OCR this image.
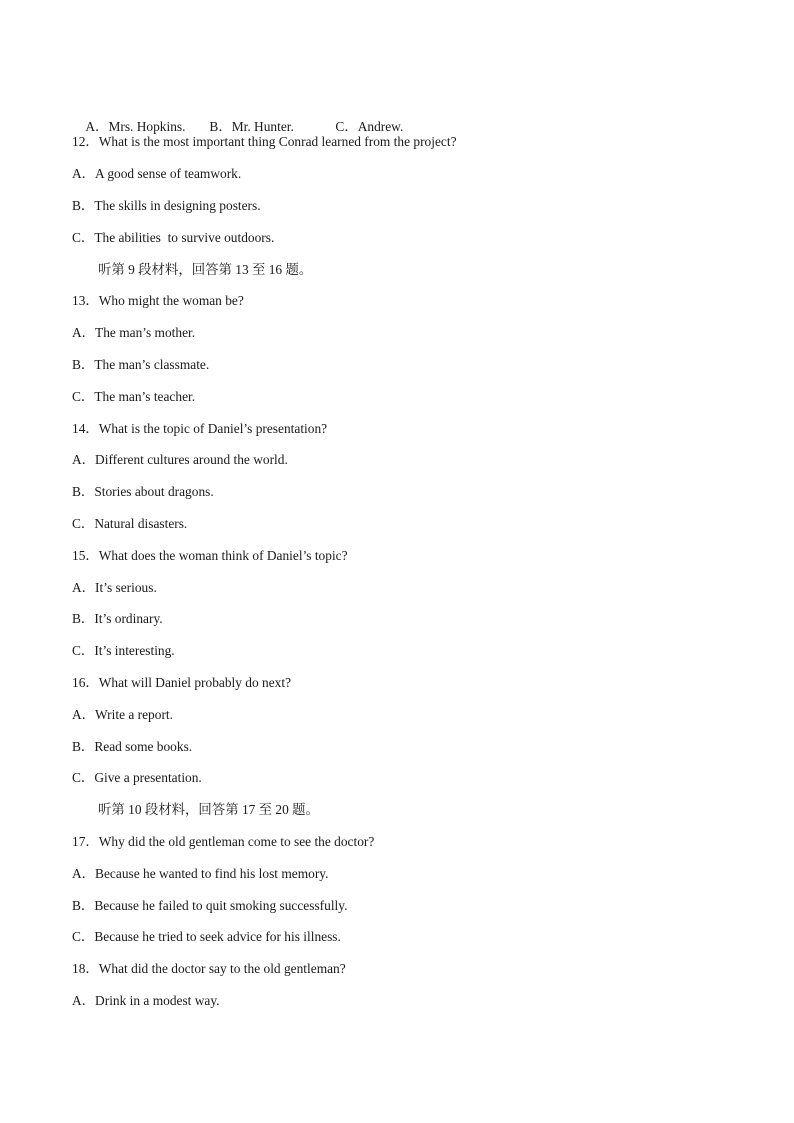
A．Mrs. Hopkins. B．Mr. Hunter.	C．Andrew.

12．What is the most important thing Conrad learned from the project?
A．A good sense of teamwork.
B．The skills in designing posters.
C．The abilities  to survive outdoors.
听第 9 段材料，回答第 13 至 16 题。
13．Who might the woman be?
A．The man’s mother.
B．The man’s classmate.
C．The man’s teacher.
14．What is the topic of Daniel’s presentation?
A．Different cultures around the world.
B．Stories about dragons.
C．Natural disasters.
15．What does the woman think of Daniel’s topic?
A．It’s serious.
B．It’s ordinary.
C．It’s interesting.
16．What will Daniel probably do next?
A．Write a report.
B．Read some books.
C．Give a presentation.
听第 10 段材料，回答第 17 至 20 题。
17．Why did the old gentleman come to see the doctor?
A．Because he wanted to find his lost memory.
B．Because he failed to quit smoking successfully.
C．Because he tried to seek advice for his illness.
18．What did the doctor say to the old gentleman?
A．Drink in a modest way.
